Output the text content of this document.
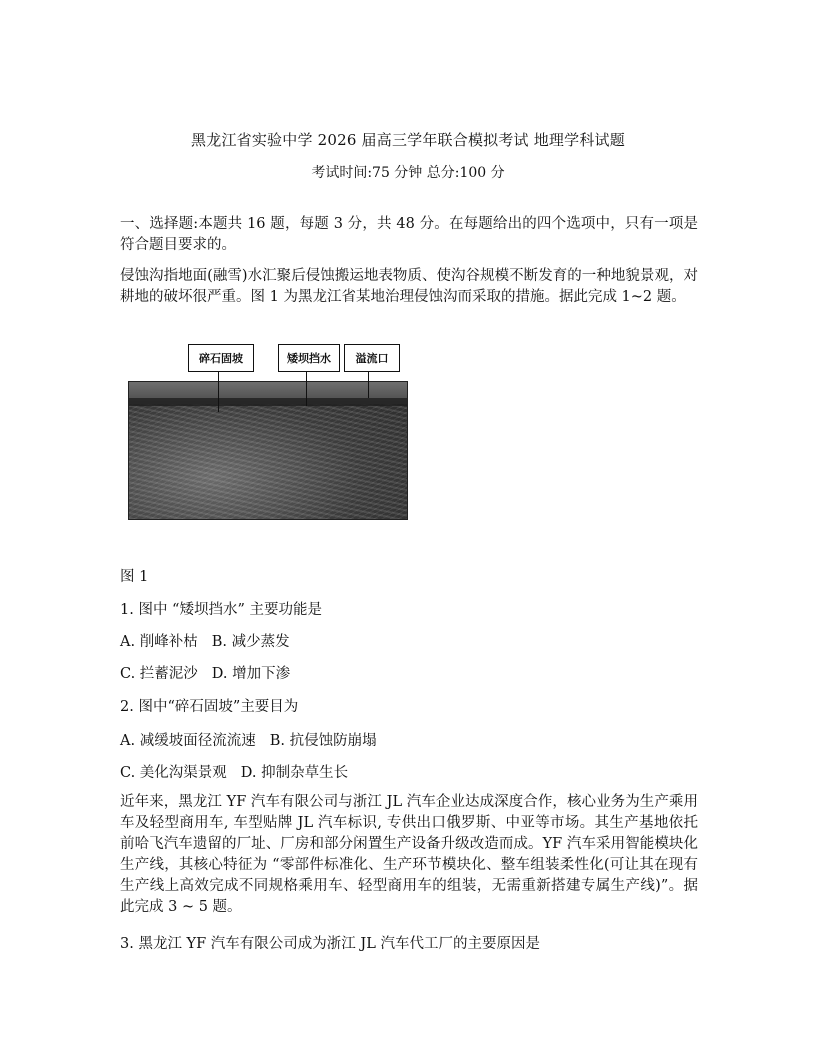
黑龙江省实验中学 2026 届高三学年联合模拟考试 地理学科试题
考试时间:75 分钟 总分:100 分
一、选择题:本题共 16 题，每题 3 分，共 48 分。在每题给出的四个选项中，只有一项是符合题目要求的。
侵蚀沟指地面(融雪)水汇聚后侵蚀搬运地表物质、使沟谷规模不断发育的一种地貌景观，对耕地的破坏很严重。图 1 为黑龙江省某地治理侵蚀沟而采取的措施。据此完成 1~2 题。
碎石固坡	矮坝挡水	溢流口
图 1
1. 图中 “矮坝挡水” 主要功能是
A. 削峰补枯 B. 减少蒸发
C. 拦蓄泥沙 D. 增加下渗
2. 图中“碎石固坡”主要目为
A. 减缓坡面径流流速 B. 抗侵蚀防崩塌
C. 美化沟渠景观 D. 抑制杂草生长
近年来，黑龙江 YF 汽车有限公司与浙江 JL 汽车企业达成深度合作，核心业务为生产乘用车及轻型商用车, 车型贴牌 JL 汽车标识, 专供出口俄罗斯、中亚等市场。其生产基地依托前哈飞汽车遗留的厂址、厂房和部分闲置生产设备升级改造而成。YF 汽车采用智能模块化生产线，其核心特征为 “零部件标准化、生产环节模块化、整车组装柔性化(可让其在现有生产线上高效完成不同规格乘用车、轻型商用车的组装，无需重新搭建专属生产线)”。据此完成 3 ~ 5 题。
3. 黑龙江 YF 汽车有限公司成为浙江 JL 汽车代工厂的主要原因是
